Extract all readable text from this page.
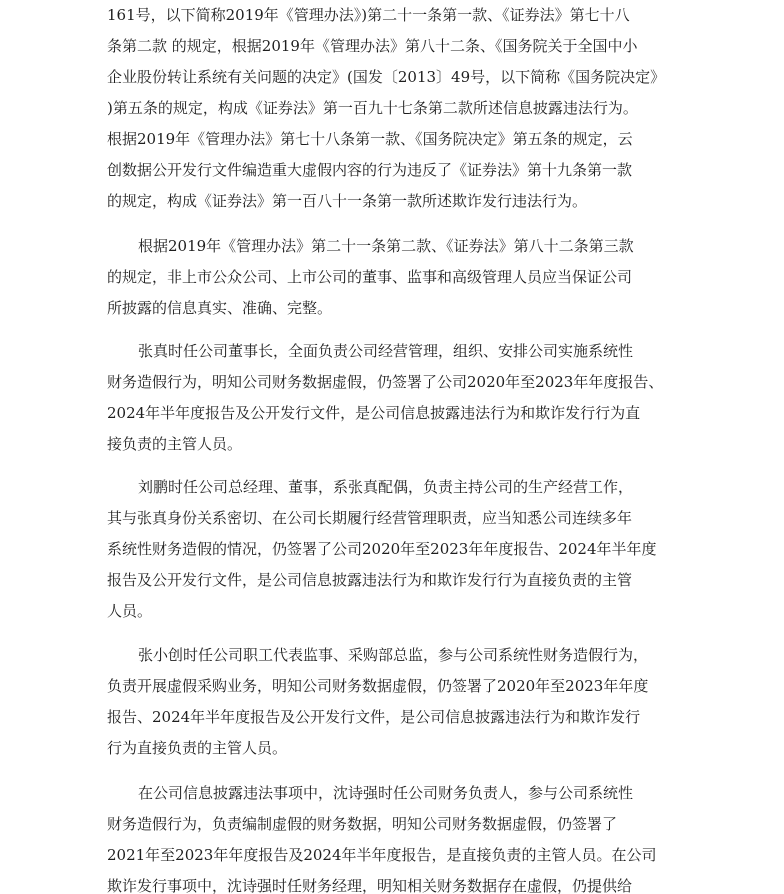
161号，以下简称2019年《管理办法》)第二十一条第一款、《证券法》第七十八
条第二款 的规定，根据2019年《管理办法》第八十二条、《国务院关于全国中小
企业股份转让系统有关问题的决定》(国发〔2013〕49号，以下简称《国务院决定》
)第五条的规定，构成《证券法》第一百九十七条第二款所述信息披露违法行为。
根据2019年《管理办法》第七十八条第一款、《国务院决定》第五条的规定，云
创数据公开发行文件编造重大虚假内容的行为违反了《证券法》第十九条第一款
的规定，构成《证券法》第一百八十一条第一款所述欺诈发行违法行为。
根据2019年《管理办法》第二十一条第二款、《证券法》第八十二条第三款
的规定，非上市公众公司、上市公司的董事、监事和高级管理人员应当保证公司
所披露的信息真实、准确、完整。
张真时任公司董事长，全面负责公司经营管理，组织、安排公司实施系统性
财务造假行为，明知公司财务数据虚假，仍签署了公司2020年至2023年年度报告、
2024年半年度报告及公开发行文件，是公司信息披露违法行为和欺诈发行行为直
接负责的主管人员。
刘鹏时任公司总经理、董事，系张真配偶，负责主持公司的生产经营工作，
其与张真身份关系密切、在公司长期履行经营管理职责，应当知悉公司连续多年
系统性财务造假的情况，仍签署了公司2020年至2023年年度报告、2024年半年度
报告及公开发行文件，是公司信息披露违法行为和欺诈发行行为直接负责的主管
人员。
张小创时任公司职工代表监事、采购部总监，参与公司系统性财务造假行为，
负责开展虚假采购业务，明知公司财务数据虚假，仍签署了2020年至2023年年度
报告、2024年半年度报告及公开发行文件，是公司信息披露违法行为和欺诈发行
行为直接负责的主管人员。
在公司信息披露违法事项中，沈诗强时任公司财务负责人，参与公司系统性
财务造假行为，负责编制虚假的财务数据，明知公司财务数据虚假，仍签署了
2021年至2023年年度报告及2024年半年度报告，是直接负责的主管人员。在公司
欺诈发行事项中，沈诗强时任财务经理，明知相关财务数据存在虚假，仍提供给
